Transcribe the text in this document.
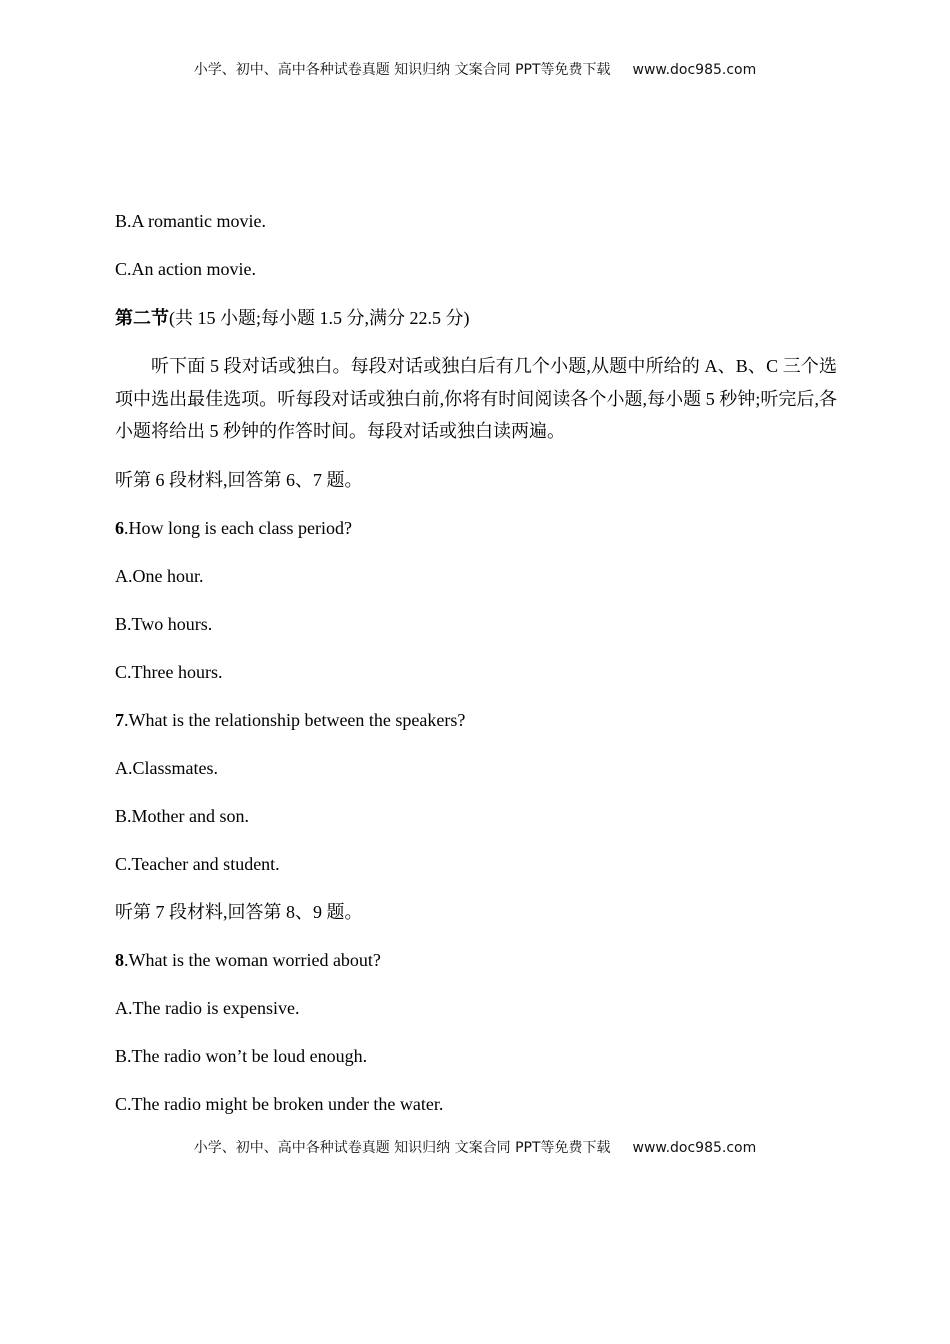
小学、初中、高中各种试卷真题 知识归纳 文案合同 PPT等免费下载 www.doc985.com
B.A romantic movie.
C.An action movie.
第二节(共 15 小题;每小题 1.5 分,满分 22.5 分)
听下面 5 段对话或独白。每段对话或独白后有几个小题,从题中所给的 A、B、C 三个选项中选出最佳选项。听每段对话或独白前,你将有时间阅读各个小题,每小题 5 秒钟;听完后,各小题将给出 5 秒钟的作答时间。每段对话或独白读两遍。
听第 6 段材料,回答第 6、7 题。
6.How long is each class period?
A.One hour.
B.Two hours.
C.Three hours.
7.What is the relationship between the speakers?
A.Classmates.
B.Mother and son.
C.Teacher and student.
听第 7 段材料,回答第 8、9 题。
8.What is the woman worried about?
A.The radio is expensive.
B.The radio won’t be loud enough.
C.The radio might be broken under the water.
小学、初中、高中各种试卷真题 知识归纳 文案合同 PPT等免费下载 www.doc985.com
